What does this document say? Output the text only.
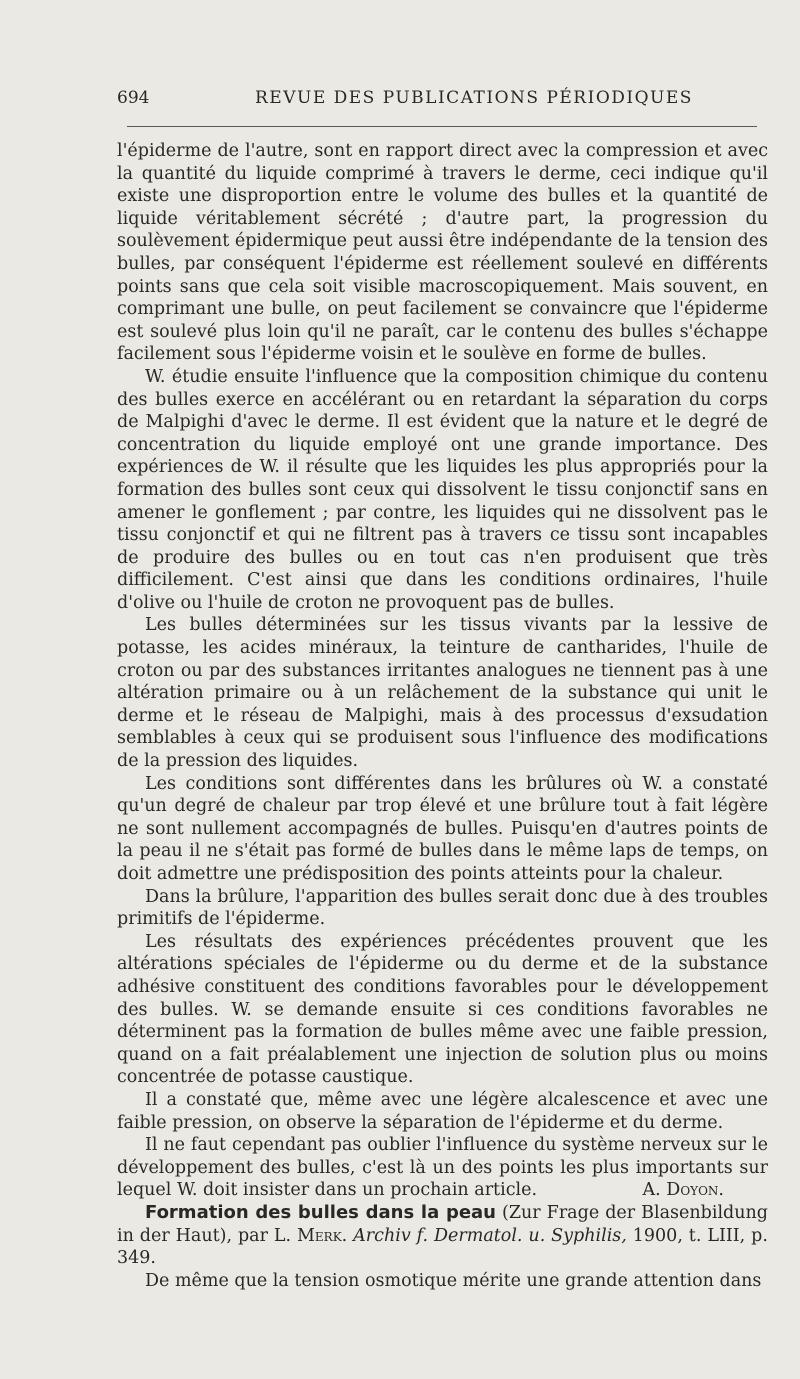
694	REVUE DES PUBLICATIONS PÉRIODIQUES

l'épiderme de l'autre, sont en rapport direct avec la compression et avec la quantité du liquide comprimé à travers le derme, ceci indique qu'il existe une disproportion entre le volume des bulles et la quantité de liquide véritablement sécrété ; d'autre part, la progression du soulèvement épidermique peut aussi être indépendante de la tension des bulles, par conséquent l'épiderme est réellement soulevé en différents points sans que cela soit visible macroscopiquement. Mais souvent, en comprimant une bulle, on peut facilement se convaincre que l'épiderme est soulevé plus loin qu'il ne paraît, car le contenu des bulles s'échappe facilement sous l'épiderme voisin et le soulève en forme de bulles.

W. étudie ensuite l'influence que la composition chimique du contenu des bulles exerce en accélérant ou en retardant la séparation du corps de Malpighi d'avec le derme. Il est évident que la nature et le degré de concentration du liquide employé ont une grande importance. Des expériences de W. il résulte que les liquides les plus appropriés pour la formation des bulles sont ceux qui dissolvent le tissu conjonctif sans en amener le gonflement ; par contre, les liquides qui ne dissolvent pas le tissu conjonctif et qui ne filtrent pas à travers ce tissu sont incapables de produire des bulles ou en tout cas n'en produisent que très difficilement. C'est ainsi que dans les conditions ordinaires, l'huile d'olive ou l'huile de croton ne provoquent pas de bulles.

Les bulles déterminées sur les tissus vivants par la lessive de potasse, les acides minéraux, la teinture de cantharides, l'huile de croton ou par des substances irritantes analogues ne tiennent pas à une altération primaire ou à un relâchement de la substance qui unit le derme et le réseau de Malpighi, mais à des processus d'exsudation semblables à ceux qui se produisent sous l'influence des modifications de la pression des liquides.

Les conditions sont différentes dans les brûlures où W. a constaté qu'un degré de chaleur par trop élevé et une brûlure tout à fait légère ne sont nullement accompagnés de bulles. Puisqu'en d'autres points de la peau il ne s'était pas formé de bulles dans le même laps de temps, on doit admettre une prédisposition des points atteints pour la chaleur.

Dans la brûlure, l'apparition des bulles serait donc due à des troubles primitifs de l'épiderme.

Les résultats des expériences précédentes prouvent que les altérations spéciales de l'épiderme ou du derme et de la substance adhésive constituent des conditions favorables pour le développement des bulles. W. se demande ensuite si ces conditions favorables ne déterminent pas la formation de bulles même avec une faible pression, quand on a fait préalablement une injection de solution plus ou moins concentrée de potasse caustique.

Il a constaté que, même avec une légère alcalescence et avec une faible pression, on observe la séparation de l'épiderme et du derme.

Il ne faut cependant pas oublier l'influence du système nerveux sur le développement des bulles, c'est là un des points les plus importants sur lequel W. doit insister dans un prochain article.	A. Doyon.

Formation des bulles dans la peau (Zur Frage der Blasenbildung in der Haut), par L. Merk. Archiv f. Dermatol. u. Syphilis, 1900, t. LIII, p. 349.

De même que la tension osmotique mérite une grande attention dans
